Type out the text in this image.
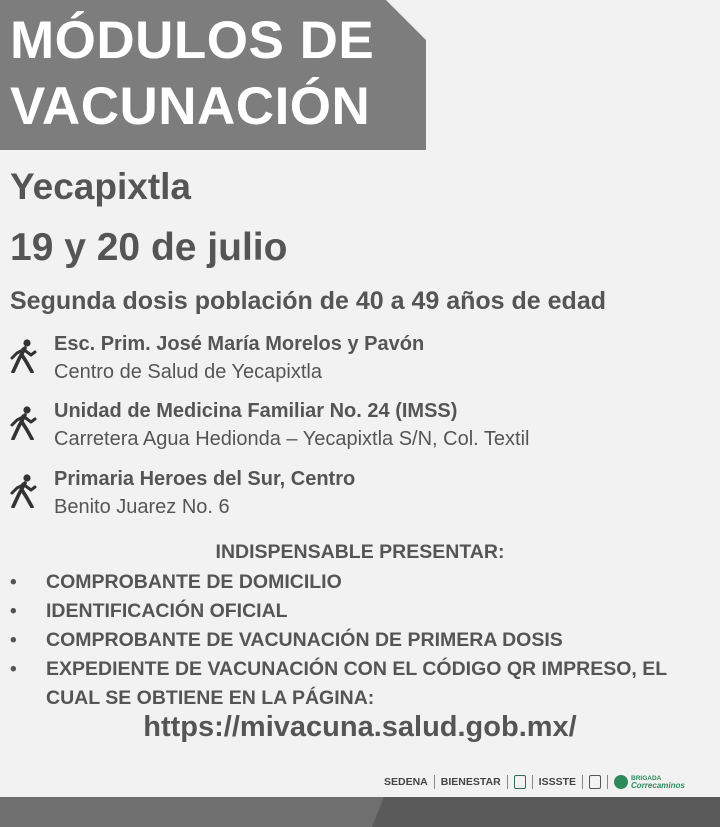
MÓDULOS DE
VACUNACIÓN
Yecapixtla
19 y 20 de julio
Segunda dosis población de 40 a 49 años de edad
Esc. Prim. José María Morelos y Pavón
Centro de Salud de Yecapixtla
Unidad de Medicina Familiar No. 24 (IMSS)
Carretera Agua Hedionda – Yecapixtla S/N, Col. Textil
Primaria Heroes del Sur, Centro
Benito Juarez No. 6
INDISPENSABLE PRESENTAR:
• COMPROBANTE DE DOMICILIO
• IDENTIFICACIÓN OFICIAL
• COMPROBANTE DE VACUNACIÓN DE PRIMERA DOSIS
• EXPEDIENTE DE VACUNACIÓN CON EL CÓDIGO QR IMPRESO, EL CUAL SE OBTIENE EN LA PÁGINA:
https://mivacuna.salud.gob.mx/
SEDENA BIENESTAR	ISSSTE	BRIGADA
Correcaminos
